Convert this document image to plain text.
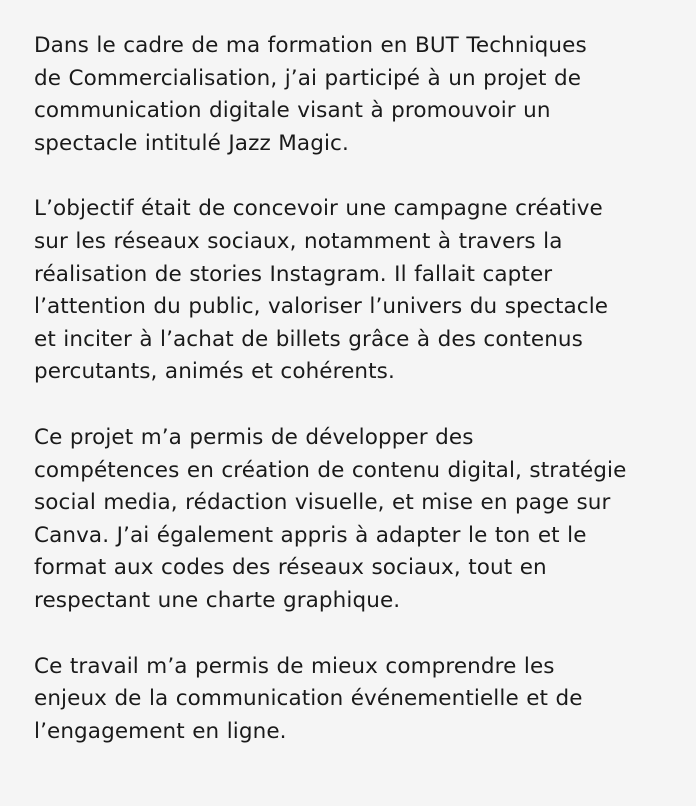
Dans le cadre de ma formation en BUT Techniques
de Commercialisation, j’ai participé à un projet de
communication digitale visant à promouvoir un
spectacle intitulé Jazz Magic.

L’objectif était de concevoir une campagne créative
sur les réseaux sociaux, notamment à travers la
réalisation de stories Instagram. Il fallait capter
l’attention du public, valoriser l’univers du spectacle
et inciter à l’achat de billets grâce à des contenus
percutants, animés et cohérents.

Ce projet m’a permis de développer des
compétences en création de contenu digital, stratégie
social media, rédaction visuelle, et mise en page sur
Canva. J’ai également appris à adapter le ton et le
format aux codes des réseaux sociaux, tout en
respectant une charte graphique.

Ce travail m’a permis de mieux comprendre les
enjeux de la communication événementielle et de
l’engagement en ligne.
